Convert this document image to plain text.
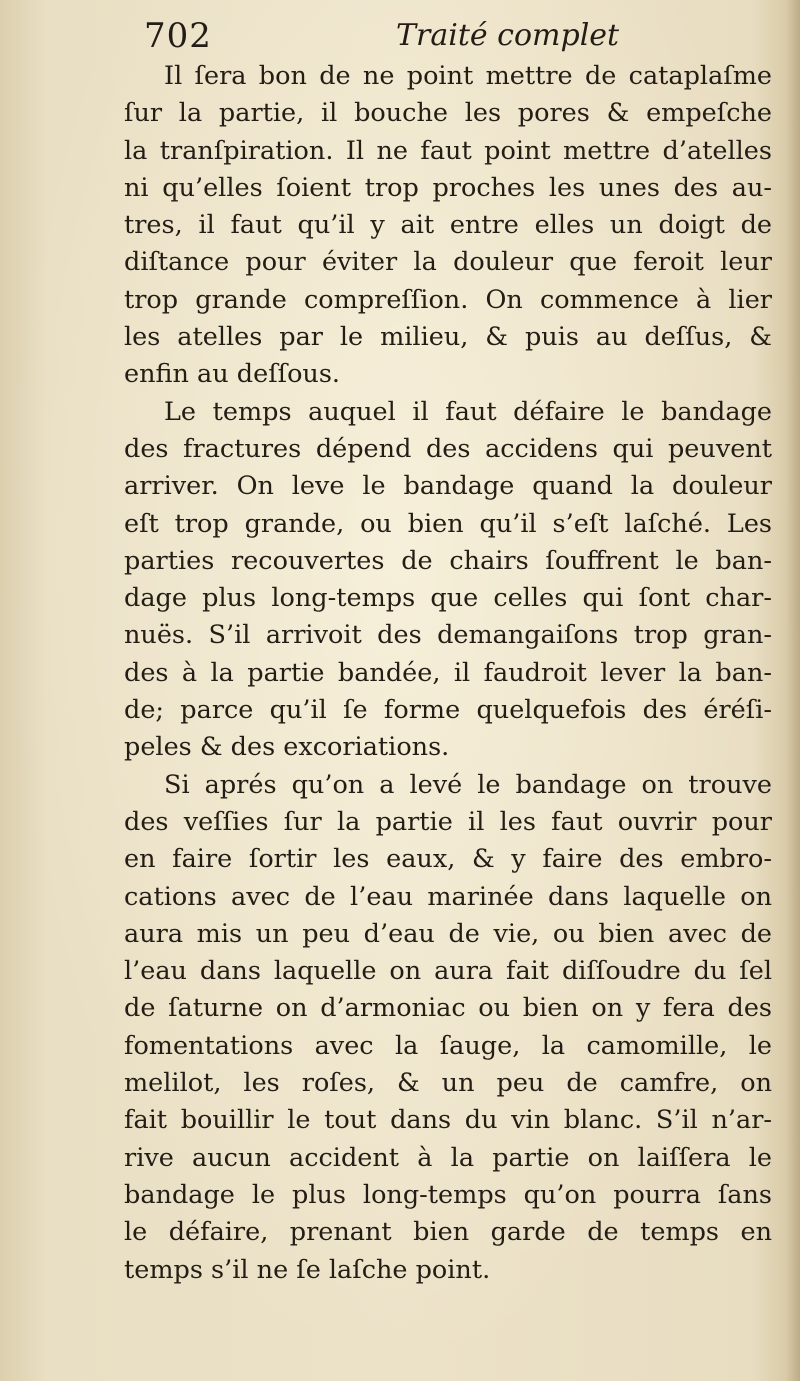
702	Traité complet
Il ſera bon de ne point mettre de cataplaſme
ſur la partie, il bouche les pores & empeſche
la tranſpiration. Il ne faut point mettre d’atelles
ni qu’elles ſoient trop proches les unes des au-
tres, il faut qu’il y ait entre elles un doigt de
diſtance pour éviter la douleur que feroit leur
trop grande compreſſion. On commence à lier
les atelles par le milieu, & puis au deſſus, &
enfin au deſſous.
Le temps auquel il faut défaire le bandage
des fractures dépend des accidens qui peuvent
arriver. On leve le bandage quand la douleur
eſt trop grande, ou bien qu’il s’eſt laſché. Les
parties recouvertes de chairs ſouffrent le ban-
dage plus long-temps que celles qui ſont char-
nuës. S’il arrivoit des demangaiſons trop gran-
des à la partie bandée, il faudroit lever la ban-
de; parce qu’il ſe forme quelquefois des éréſi-
peles & des excoriations.
Si aprés qu’on a levé le bandage on trouve
des veſſies ſur la partie il les faut ouvrir pour
en faire ſortir les eaux, & y faire des embro-
cations avec de l’eau marinée dans laquelle on
aura mis un peu d’eau de vie, ou bien avec de
l’eau dans laquelle on aura fait diſſoudre du ſel
de ſaturne on d’armoniac ou bien on y fera des
fomentations avec la ſauge, la camomille, le
melilot, les roſes, & un peu de camfre, on
fait bouillir le tout dans du vin blanc. S’il n’ar-
rive aucun accident à la partie on laiſſera le
bandage le plus long-temps qu’on pourra ſans
le défaire, prenant bien garde de temps en
temps s’il ne ſe laſche point.
